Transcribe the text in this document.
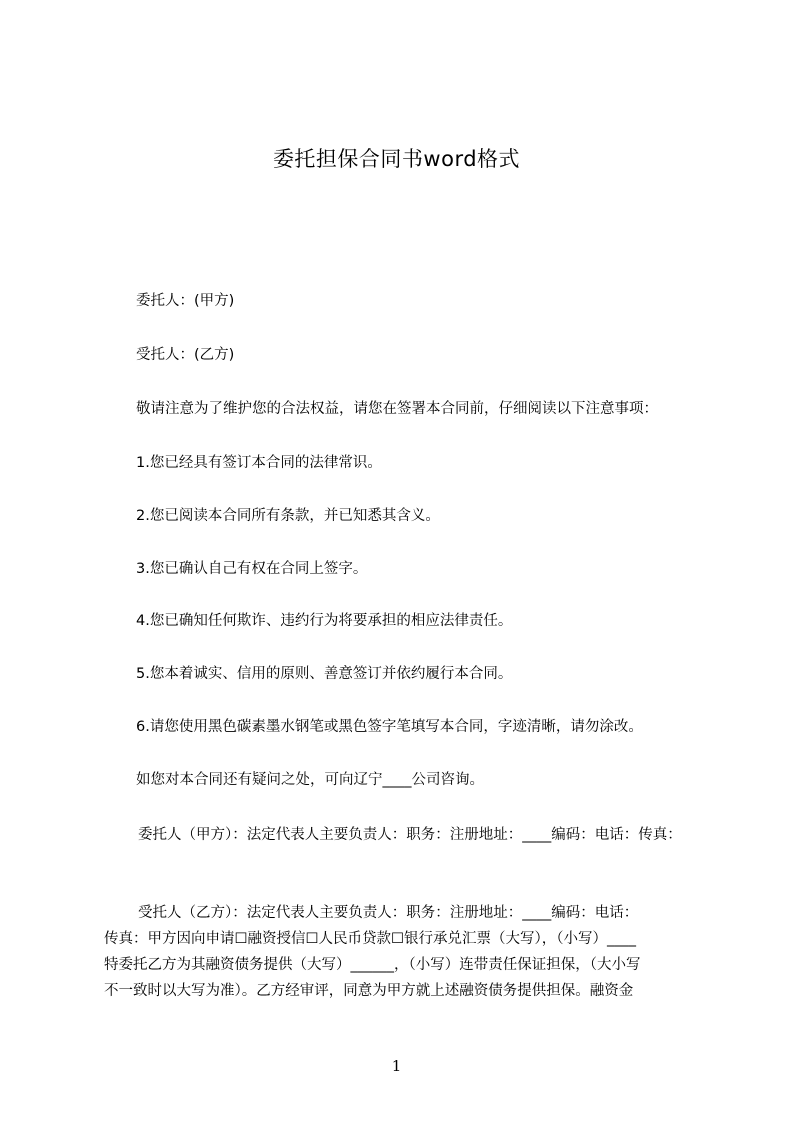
委托担保合同书word格式
委托人：(甲方)
受托人：(乙方)
敬请注意为了维护您的合法权益，请您在签署本合同前，仔细阅读以下注意事项：
1.您已经具有签订本合同的法律常识。
2.您已阅读本合同所有条款，并已知悉其含义。
3.您已确认自己有权在合同上签字。
4.您已确知任何欺诈、违约行为将要承担的相应法律责任。
5.您本着诚实、信用的原则、善意签订并依约履行本合同。
6.请您使用黑色碳素墨水钢笔或黑色签字笔填写本合同，字迹清晰，请勿涂改。
如您对本合同还有疑问之处，可向辽宁____公司咨询。

委托人（甲方）：法定代表人主要负责人：职务：注册地址：____编码：电话：传真：

受托人（乙方）：法定代表人主要负责人：职务：注册地址：____编码：电话：

传真：甲方因向申请☐融资授信☐人民币贷款☐银行承兑汇票（大写），（小写）____

特委托乙方为其融资债务提供（大写）______，（小写）连带责任保证担保，（大小写

不一致时以大写为准）。乙方经审评，同意为甲方就上述融资债务提供担保。融资金

1
